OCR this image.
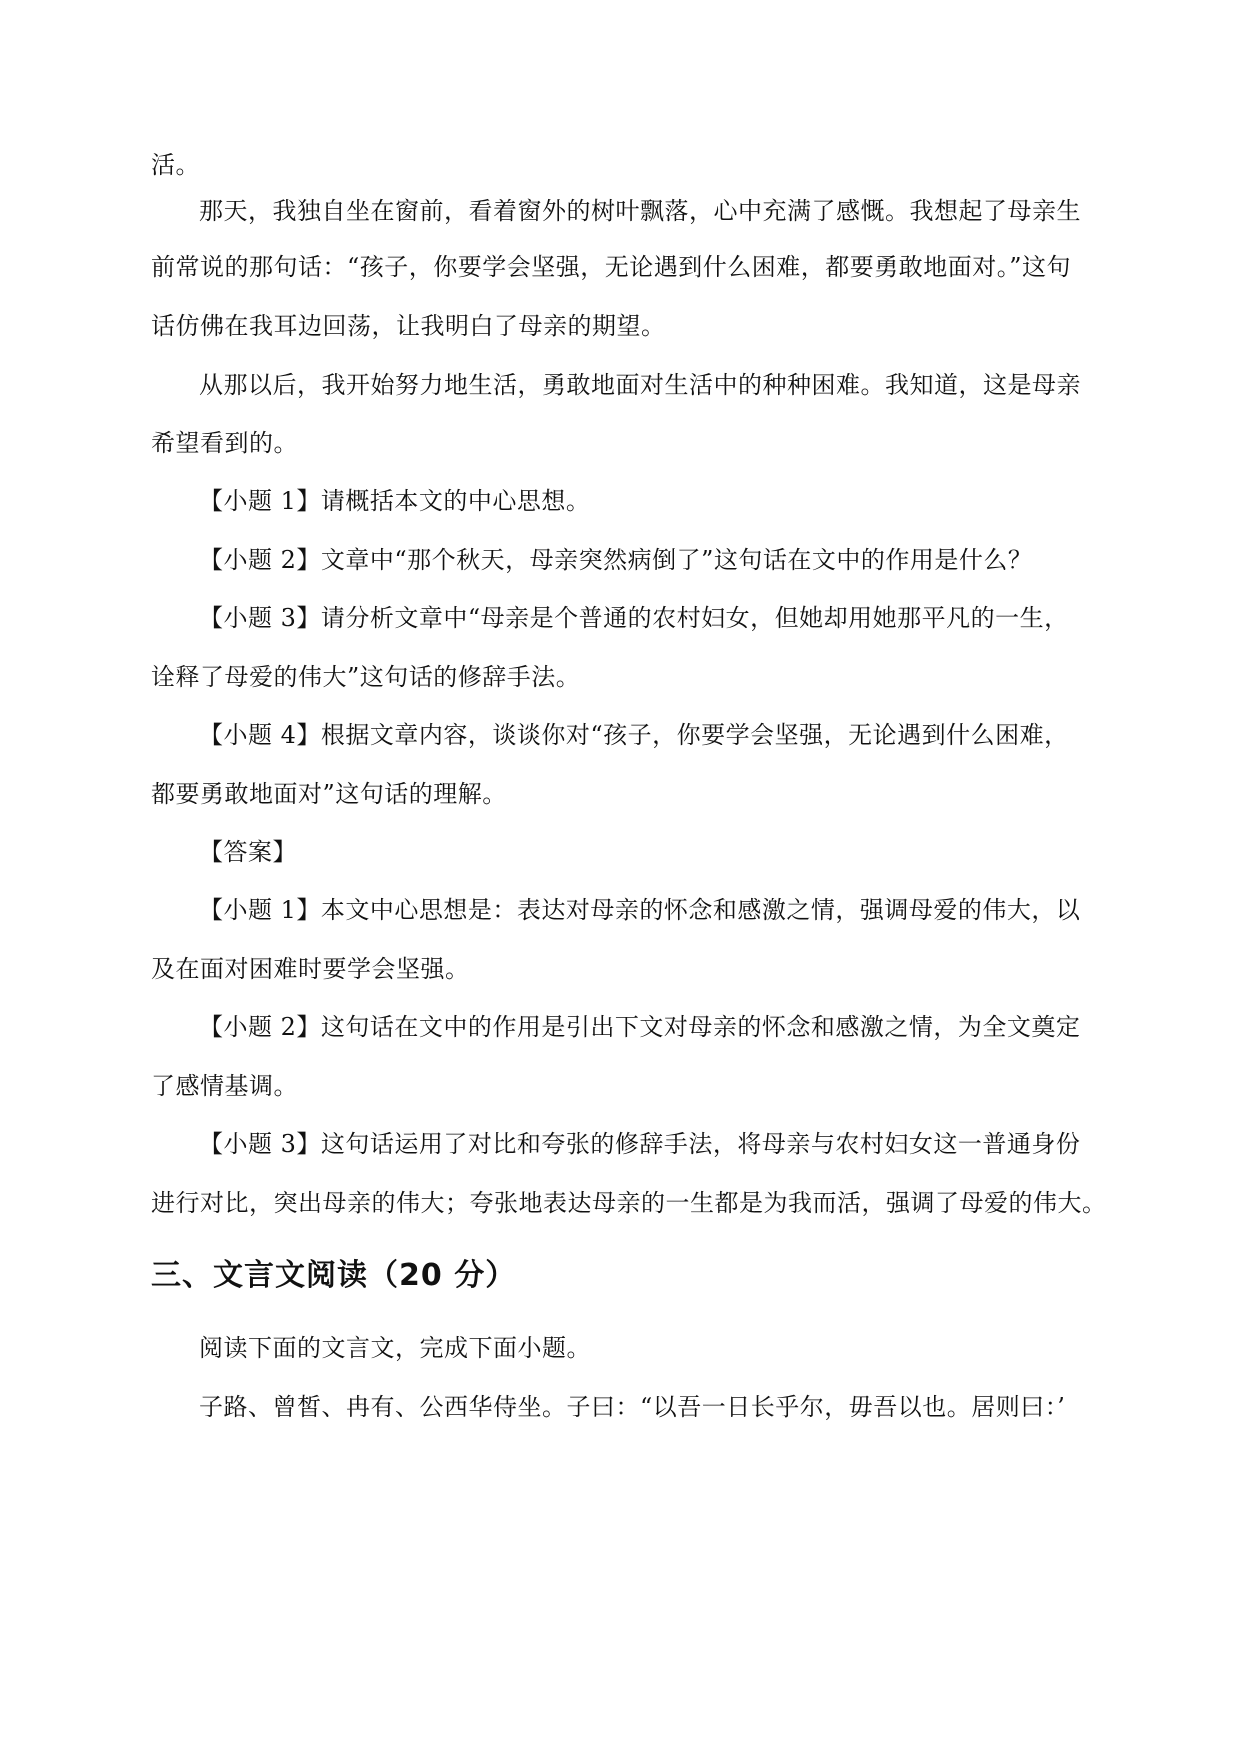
活。
那天，我独自坐在窗前，看着窗外的树叶飘落，心中充满了感慨。我想起了母亲生
前常说的那句话：“孩子，你要学会坚强，无论遇到什么困难，都要勇敢地面对。”这句
话仿佛在我耳边回荡，让我明白了母亲的期望。
从那以后，我开始努力地生活，勇敢地面对生活中的种种困难。我知道，这是母亲
希望看到的。
【小题 1】请概括本文的中心思想。
【小题 2】文章中“那个秋天，母亲突然病倒了”这句话在文中的作用是什么？
【小题 3】请分析文章中“母亲是个普通的农村妇女，但她却用她那平凡的一生，
诠释了母爱的伟大”这句话的修辞手法。
【小题 4】根据文章内容，谈谈你对“孩子，你要学会坚强，无论遇到什么困难，
都要勇敢地面对”这句话的理解。
【答案】
【小题 1】本文中心思想是：表达对母亲的怀念和感激之情，强调母爱的伟大，以
及在面对困难时要学会坚强。
【小题 2】这句话在文中的作用是引出下文对母亲的怀念和感激之情，为全文奠定
了感情基调。
【小题 3】这句话运用了对比和夸张的修辞手法，将母亲与农村妇女这一普通身份
进行对比，突出母亲的伟大；夸张地表达母亲的一生都是为我而活，强调了母爱的伟大。
三、文言文阅读（20 分）
阅读下面的文言文，完成下面小题。
子路、曾皙、冉有、公西华侍坐。子曰：“以吾一日长乎尔，毋吾以也。居则曰：’
